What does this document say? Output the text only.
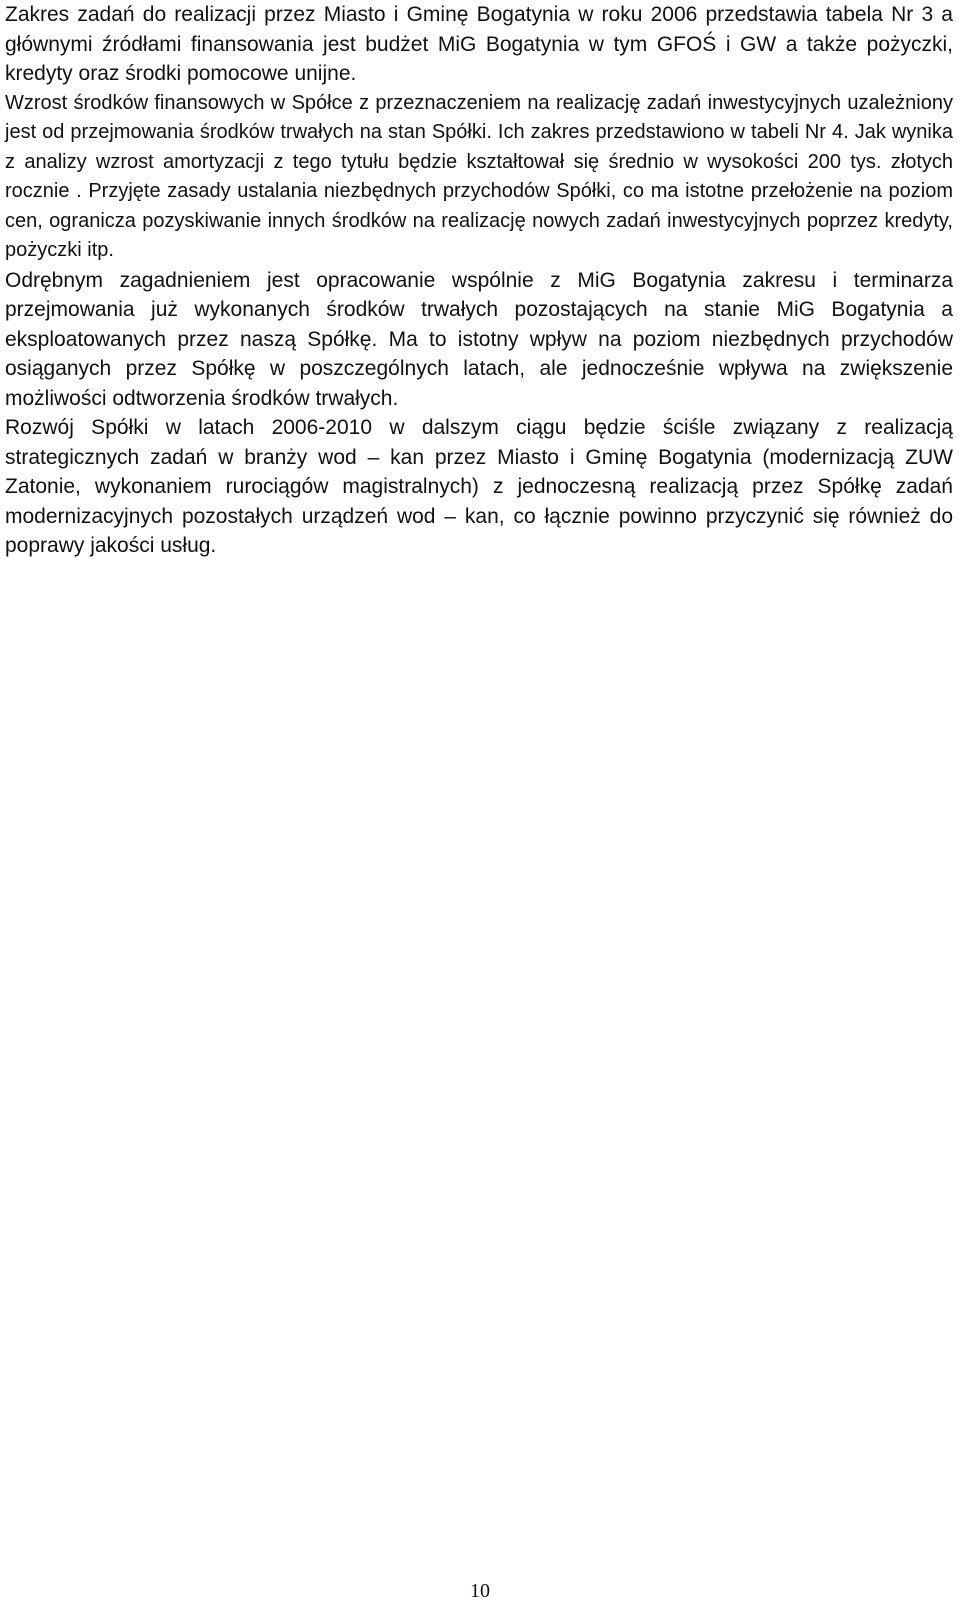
Zakres zadań do realizacji przez Miasto i Gminę Bogatynia w roku 2006 przedstawia tabela Nr 3 a głównymi źródłami finansowania jest budżet MiG Bogatynia w tym GFOŚ i GW a także pożyczki, kredyty oraz środki pomocowe unijne.

Wzrost środków finansowych w Spółce z przeznaczeniem na realizację zadań inwestycyjnych uzależniony jest od przejmowania środków trwałych na stan Spółki. Ich zakres przedstawiono w tabeli Nr 4. Jak wynika z analizy wzrost amortyzacji z tego tytułu będzie kształtował się średnio w wysokości 200 tys. złotych rocznie . Przyjęte zasady ustalania niezbędnych przychodów Spółki, co ma istotne przełożenie na poziom cen, ogranicza pozyskiwanie innych środków na realizację nowych zadań inwestycyjnych poprzez kredyty, pożyczki itp.

Odrębnym zagadnieniem jest opracowanie wspólnie z MiG Bogatynia zakresu i terminarza przejmowania już wykonanych środków trwałych pozostających na stanie MiG Bogatynia a eksploatowanych przez naszą Spółkę. Ma to istotny wpływ na poziom niezbędnych przychodów osiąganych przez Spółkę w poszczególnych latach, ale jednocześnie wpływa na zwiększenie możliwości odtworzenia środków trwałych.

Rozwój Spółki w latach 2006-2010 w dalszym ciągu będzie ściśle związany z realizacją strategicznych zadań w branży wod – kan przez Miasto i Gminę Bogatynia (modernizacją ZUW Zatonie, wykonaniem rurociągów magistralnych) z jednoczesną realizacją przez Spółkę zadań modernizacyjnych pozostałych urządzeń wod – kan, co łącznie powinno przyczynić się również do poprawy jakości usług.

10
